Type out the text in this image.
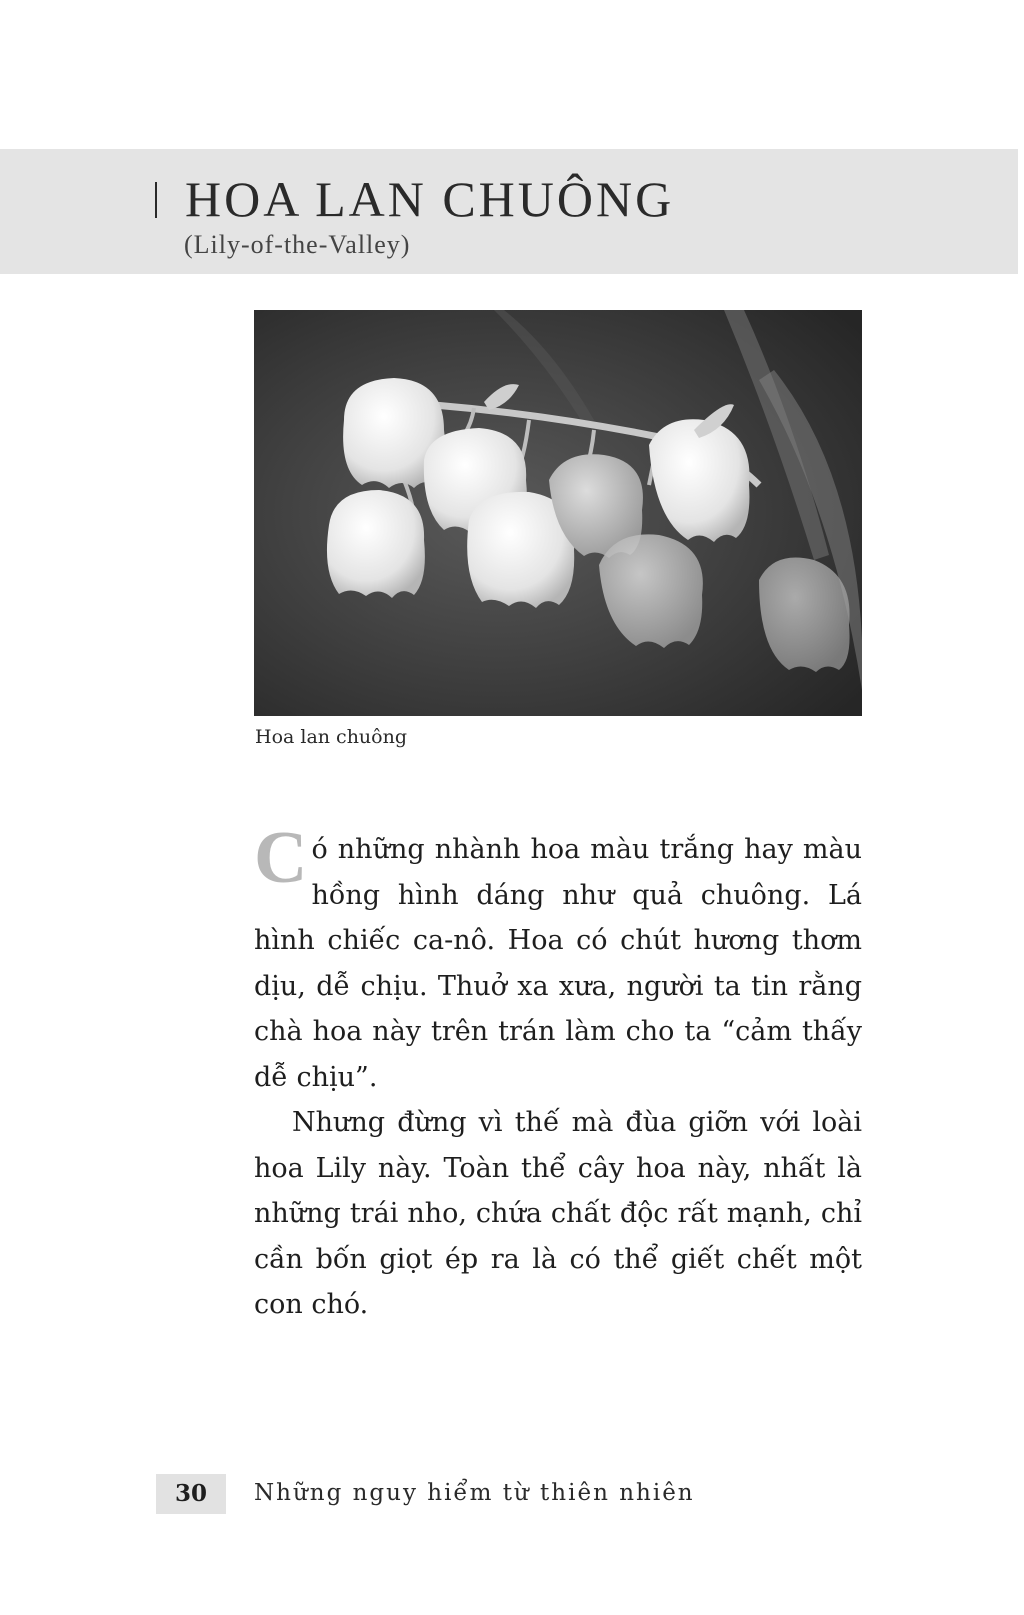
HOA LAN CHUÔNG
(Lily-of-the-Valley)
Hoa lan chuông

Có những nhành hoa màu trắng hay màu hồng hình dáng như quả chuông. Lá hình chiếc ca-nô. Hoa có chút hương thơm dịu, dễ chịu. Thuở xa xưa, người ta tin rằng chà hoa này trên trán làm cho ta “cảm thấy dễ chịu”.

Nhưng đừng vì thế mà đùa giỡn với loài hoa Lily này. Toàn thể cây hoa này, nhất là những trái nho, chứa chất độc rất mạnh, chỉ cần bốn giọt ép ra là có thể giết chết một con chó.

30	Những nguy hiểm từ thiên nhiên
